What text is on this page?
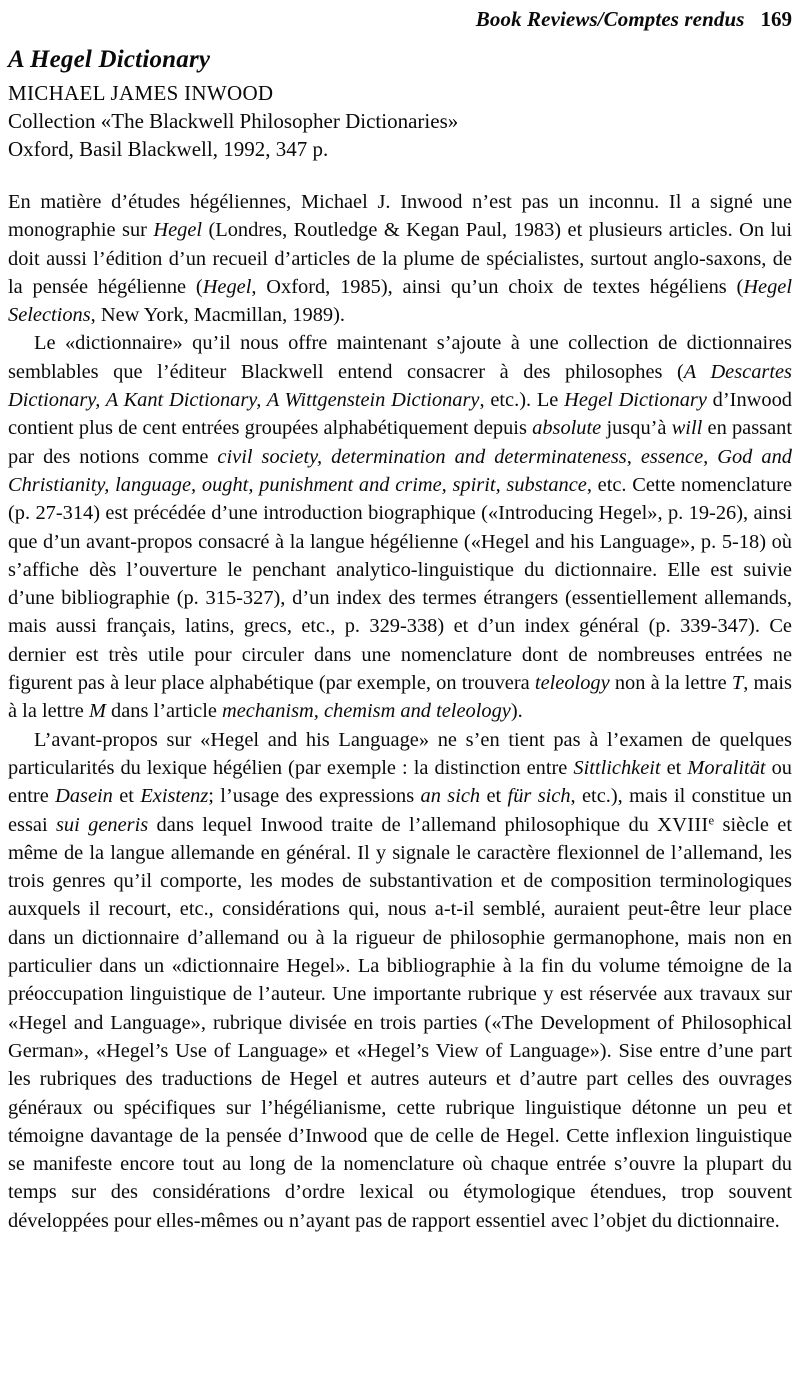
Book Reviews/Comptes rendus 169
A Hegel Dictionary
MICHAEL JAMES INWOOD
Collection «The Blackwell Philosopher Dictionaries»
Oxford, Basil Blackwell, 1992, 347 p.

En matière d’études hégéliennes, Michael J. Inwood n’est pas un inconnu. Il a signé une monographie sur Hegel (Londres, Routledge & Kegan Paul, 1983) et plusieurs articles. On lui doit aussi l’édition d’un recueil d’articles de la plume de spécialistes, surtout anglo-saxons, de la pensée hégélienne (Hegel, Oxford, 1985), ainsi qu’un choix de textes hégéliens (Hegel Selections, New York, Macmillan, 1989).

Le «dictionnaire» qu’il nous offre maintenant s’ajoute à une collection de dictionnaires semblables que l’éditeur Blackwell entend consacrer à des philosophes (A Descartes Dictionary, A Kant Dictionary, A Wittgenstein Dictionary, etc.). Le Hegel Dictionary d’Inwood contient plus de cent entrées groupées alphabétiquement depuis absolute jusqu’à will en passant par des notions comme civil society, determination and determinateness, essence, God and Christianity, language, ought, punishment and crime, spirit, substance, etc. Cette nomenclature (p. 27-314) est précédée d’une introduction biographique («Introducing Hegel», p. 19-26), ainsi que d’un avant-propos consacré à la langue hégélienne («Hegel and his Language», p. 5-18) où s’affiche dès l’ouverture le penchant analytico-linguistique du dictionnaire. Elle est suivie d’une bibliographie (p. 315-327), d’un index des termes étrangers (essentiellement allemands, mais aussi français, latins, grecs, etc., p. 329-338) et d’un index général (p. 339-347). Ce dernier est très utile pour circuler dans une nomenclature dont de nombreuses entrées ne figurent pas à leur place alphabétique (par exemple, on trouvera teleology non à la lettre T, mais à la lettre M dans l’article mechanism, chemism and teleology).

L’avant-propos sur «Hegel and his Language» ne s’en tient pas à l’examen de quelques particularités du lexique hégélien (par exemple : la distinction entre Sittlichkeit et Moralität ou entre Dasein et Existenz; l’usage des expressions an sich et für sich, etc.), mais il constitue un essai sui generis dans lequel Inwood traite de l’allemand philosophique du XVIIIe siècle et même de la langue allemande en général. Il y signale le caractère flexionnel de l’allemand, les trois genres qu’il comporte, les modes de substantivation et de composition terminologiques auxquels il recourt, etc., considérations qui, nous a-t-il semblé, auraient peut-être leur place dans un dictionnaire d’allemand ou à la rigueur de philosophie germanophone, mais non en particulier dans un «dictionnaire Hegel». La bibliographie à la fin du volume témoigne de la préoccupation linguistique de l’auteur. Une importante rubrique y est réservée aux travaux sur «Hegel and Language», rubrique divisée en trois parties («The Development of Philosophical German», «Hegel’s Use of Language» et «Hegel’s View of Language»). Sise entre d’une part les rubriques des traductions de Hegel et autres auteurs et d’autre part celles des ouvrages généraux ou spécifiques sur l’hégélianisme, cette rubrique linguistique détonne un peu et témoigne davantage de la pensée d’Inwood que de celle de Hegel. Cette inflexion linguistique se manifeste encore tout au long de la nomenclature où chaque entrée s’ouvre la plupart du temps sur des considérations d’ordre lexical ou étymologique étendues, trop souvent développées pour elles-mêmes ou n’ayant pas de rapport essentiel avec l’objet du dictionnaire.
